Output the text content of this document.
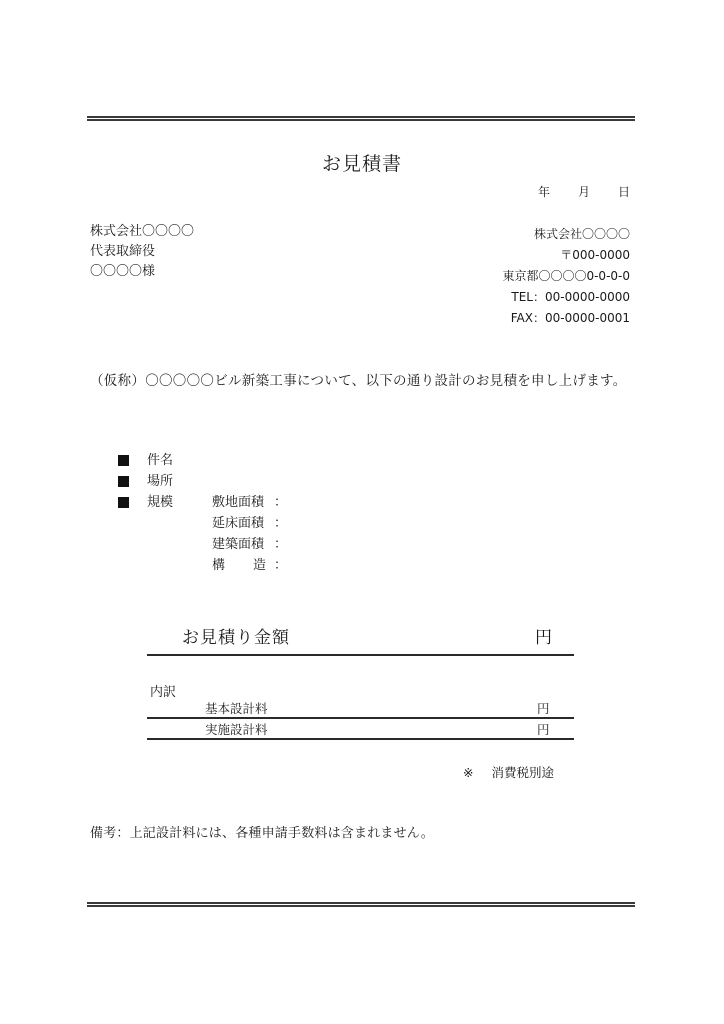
お見積書
年 月 日
株式会社〇〇〇〇
代表取締役
〇〇〇〇様
株式会社〇〇〇〇
〒000-0000
東京都〇〇〇〇0-0-0-0
TEL：00-0000-0000
FAX：00-0000-0001
（仮称）〇〇〇〇〇ビル新築工事について、以下の通り設計のお見積を申し上げます。
件名
場所
規模	敷地面積 ：
延床面積 ：
建築面積 ：
構 造 ：
お見積り金額	円
内訳
基本設計料	円
実施設計料	円
※ 消費税別途
備考：上記設計料には、各種申請手数料は含まれません。
